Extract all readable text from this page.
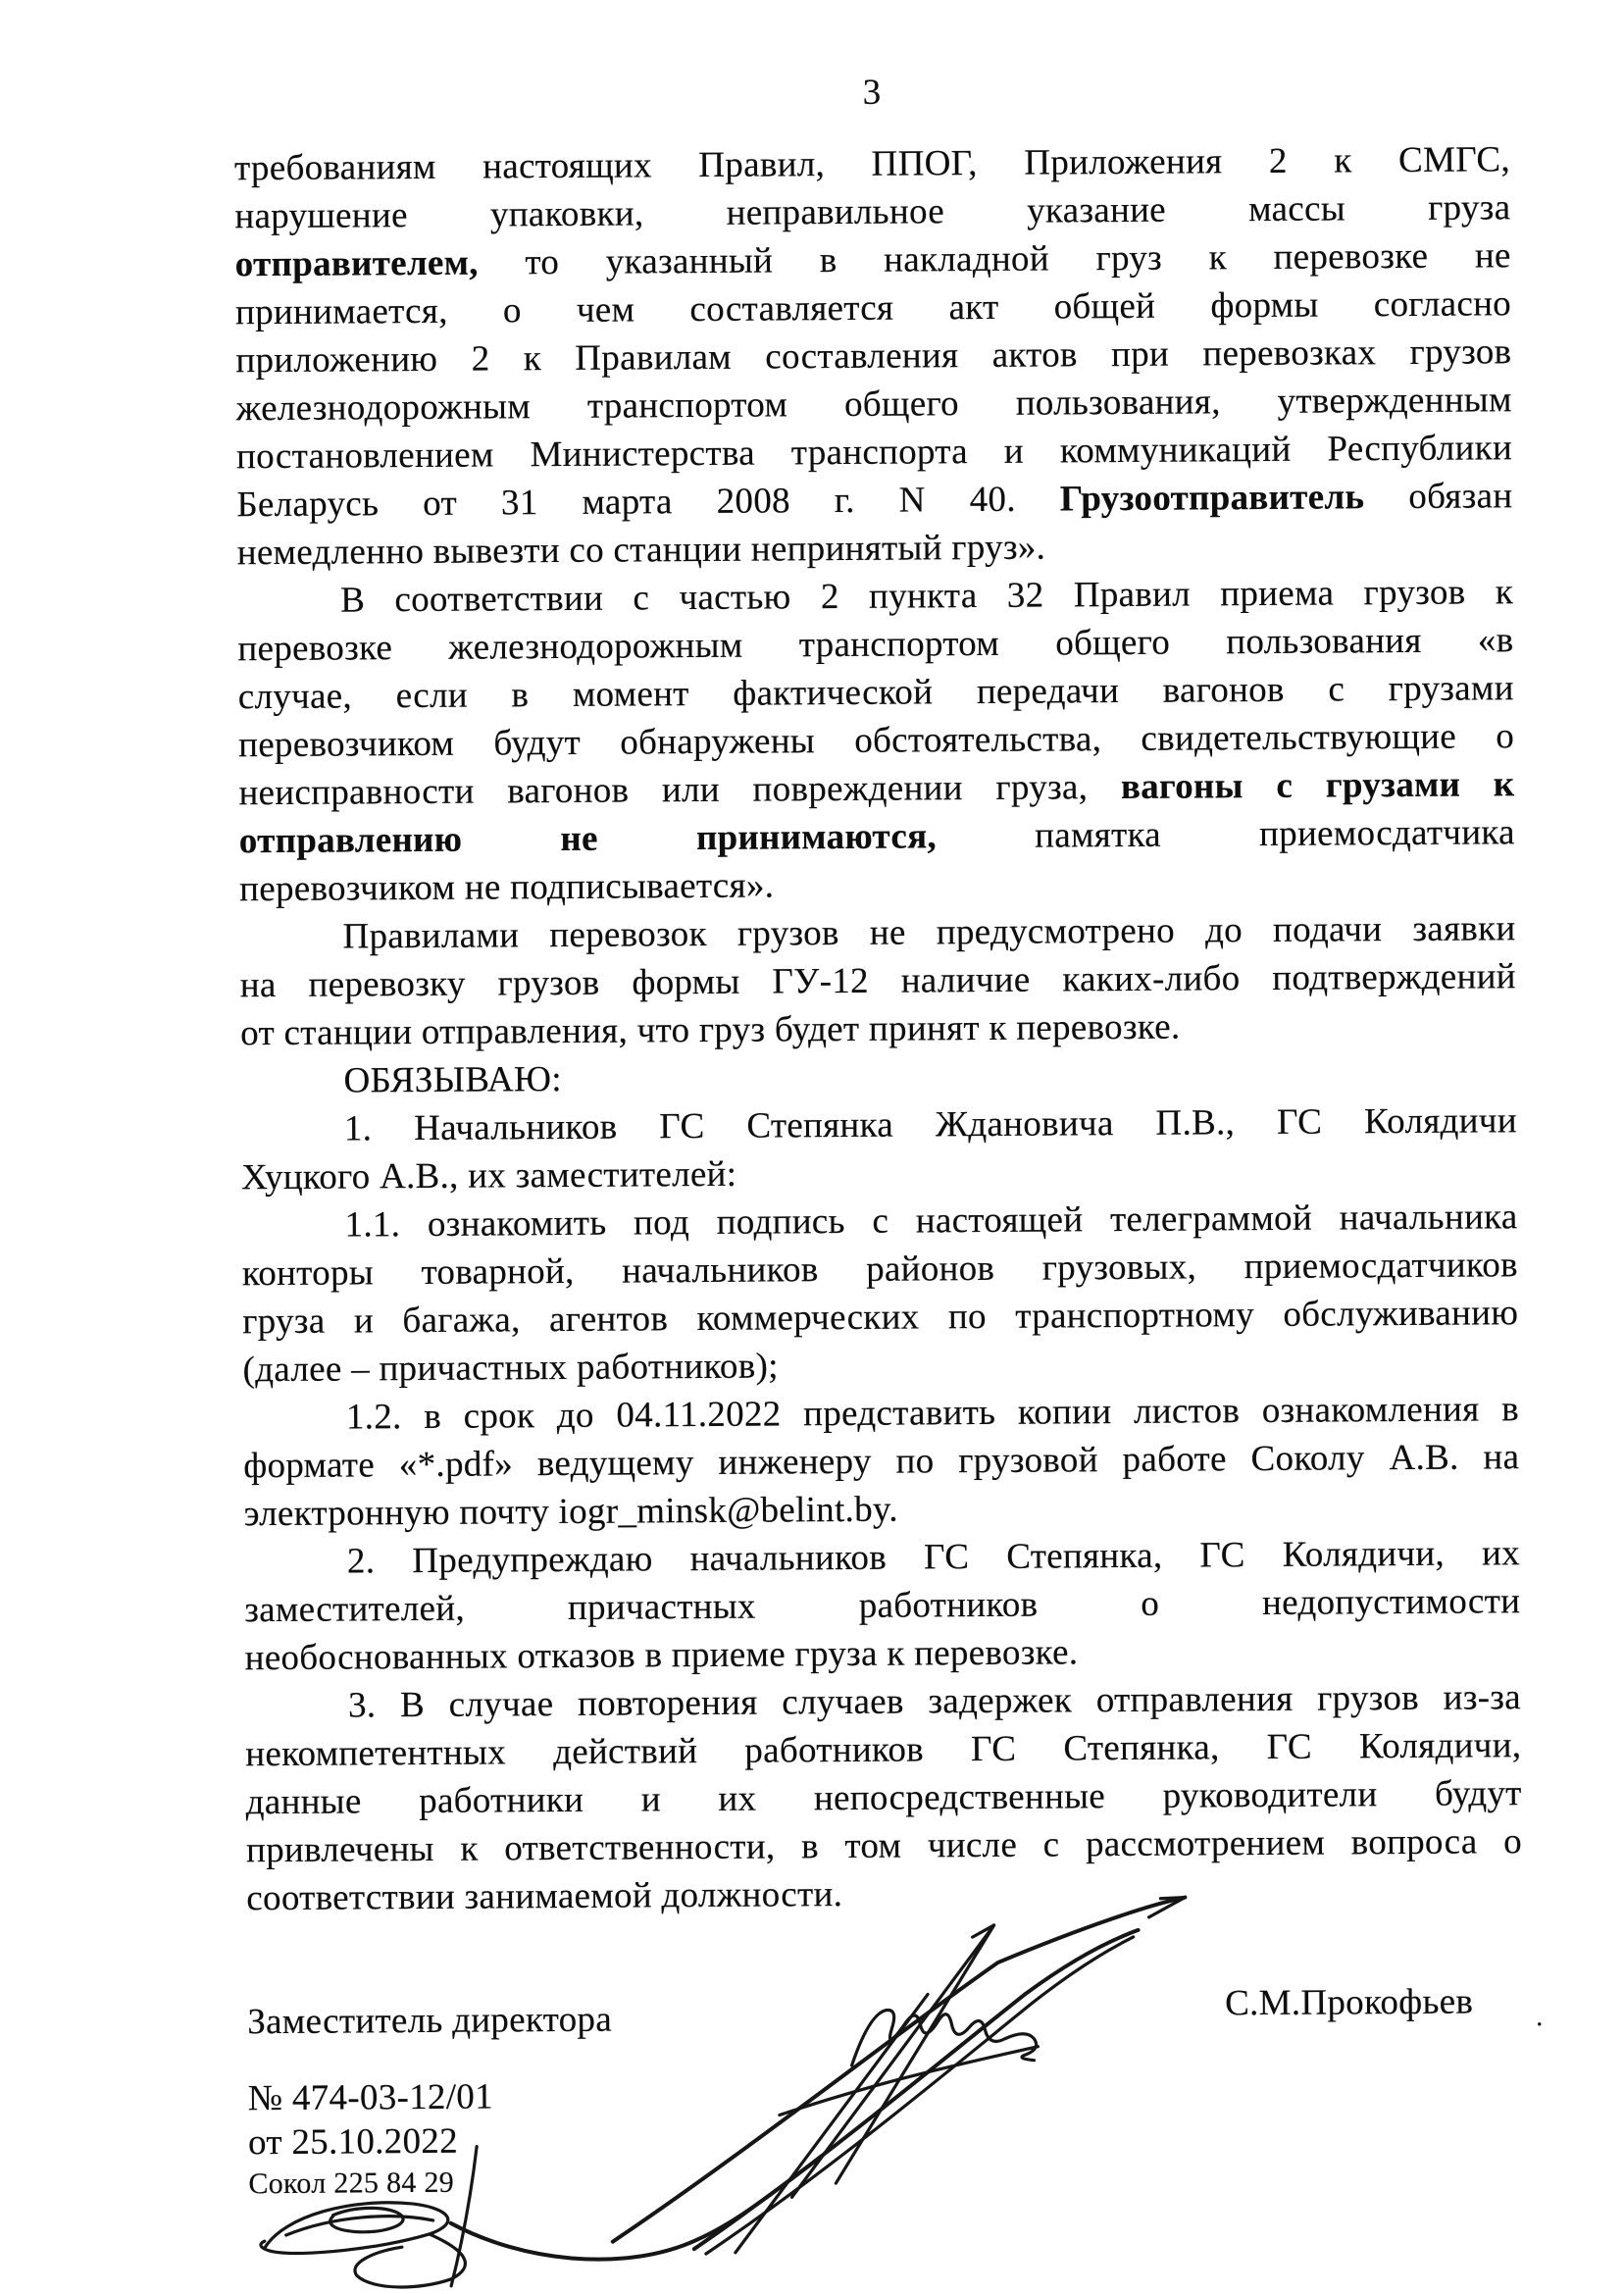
3
требованиям настоящих Правил, ППОГ, Приложения 2 к СМГС,
нарушение упаковки, неправильное указание массы груза
отправителем, то указанный в накладной груз к перевозке не
принимается, о чем составляется акт общей формы согласно
приложению 2 к Правилам составления актов при перевозках грузов
железнодорожным транспортом общего пользования, утвержденным
постановлением Министерства транспорта и коммуникаций Республики
Беларусь от 31 марта 2008 г. N 40. Грузоотправитель обязан
немедленно вывезти со станции непринятый груз».
В соответствии с частью 2 пункта 32 Правил приема грузов к
перевозке железнодорожным транспортом общего пользования «в
случае, если в момент фактической передачи вагонов с грузами
перевозчиком будут обнаружены обстоятельства, свидетельствующие о
неисправности вагонов или повреждении груза, вагоны с грузами к
отправлению не принимаются, памятка приемосдатчика
перевозчиком не подписывается».
Правилами перевозок грузов не предусмотрено до подачи заявки
на перевозку грузов формы ГУ-12 наличие каких-либо подтверждений
от станции отправления, что груз будет принят к перевозке.
ОБЯЗЫВАЮ:
1. Начальников ГС Степянка Ждановича П.В., ГС Колядичи
Хуцкого А.В., их заместителей:
1.1. ознакомить под подпись с настоящей телеграммой начальника
конторы товарной, начальников районов грузовых, приемосдатчиков
груза и багажа, агентов коммерческих по транспортному обслуживанию
(далее – причастных работников);
1.2. в срок до 04.11.2022 представить копии листов ознакомления в
формате «*.pdf» ведущему инженеру по грузовой работе Соколу А.В. на
электронную почту iogr_minsk@belint.by.
2. Предупреждаю начальников ГС Степянка, ГС Колядичи, их
заместителей, причастных работников о недопустимости
необоснованных отказов в приеме груза к перевозке.
3. В случае повторения случаев задержек отправления грузов из-за
некомпетентных действий работников ГС Степянка, ГС Колядичи,
данные работники и их непосредственные руководители будут
привлечены к ответственности, в том числе с рассмотрением вопроса о
соответствии занимаемой должности.
Заместитель директора	С.М.Прокофьев .
№ 474-03-12/01
от 25.10.2022
Сокол 225 84 29
